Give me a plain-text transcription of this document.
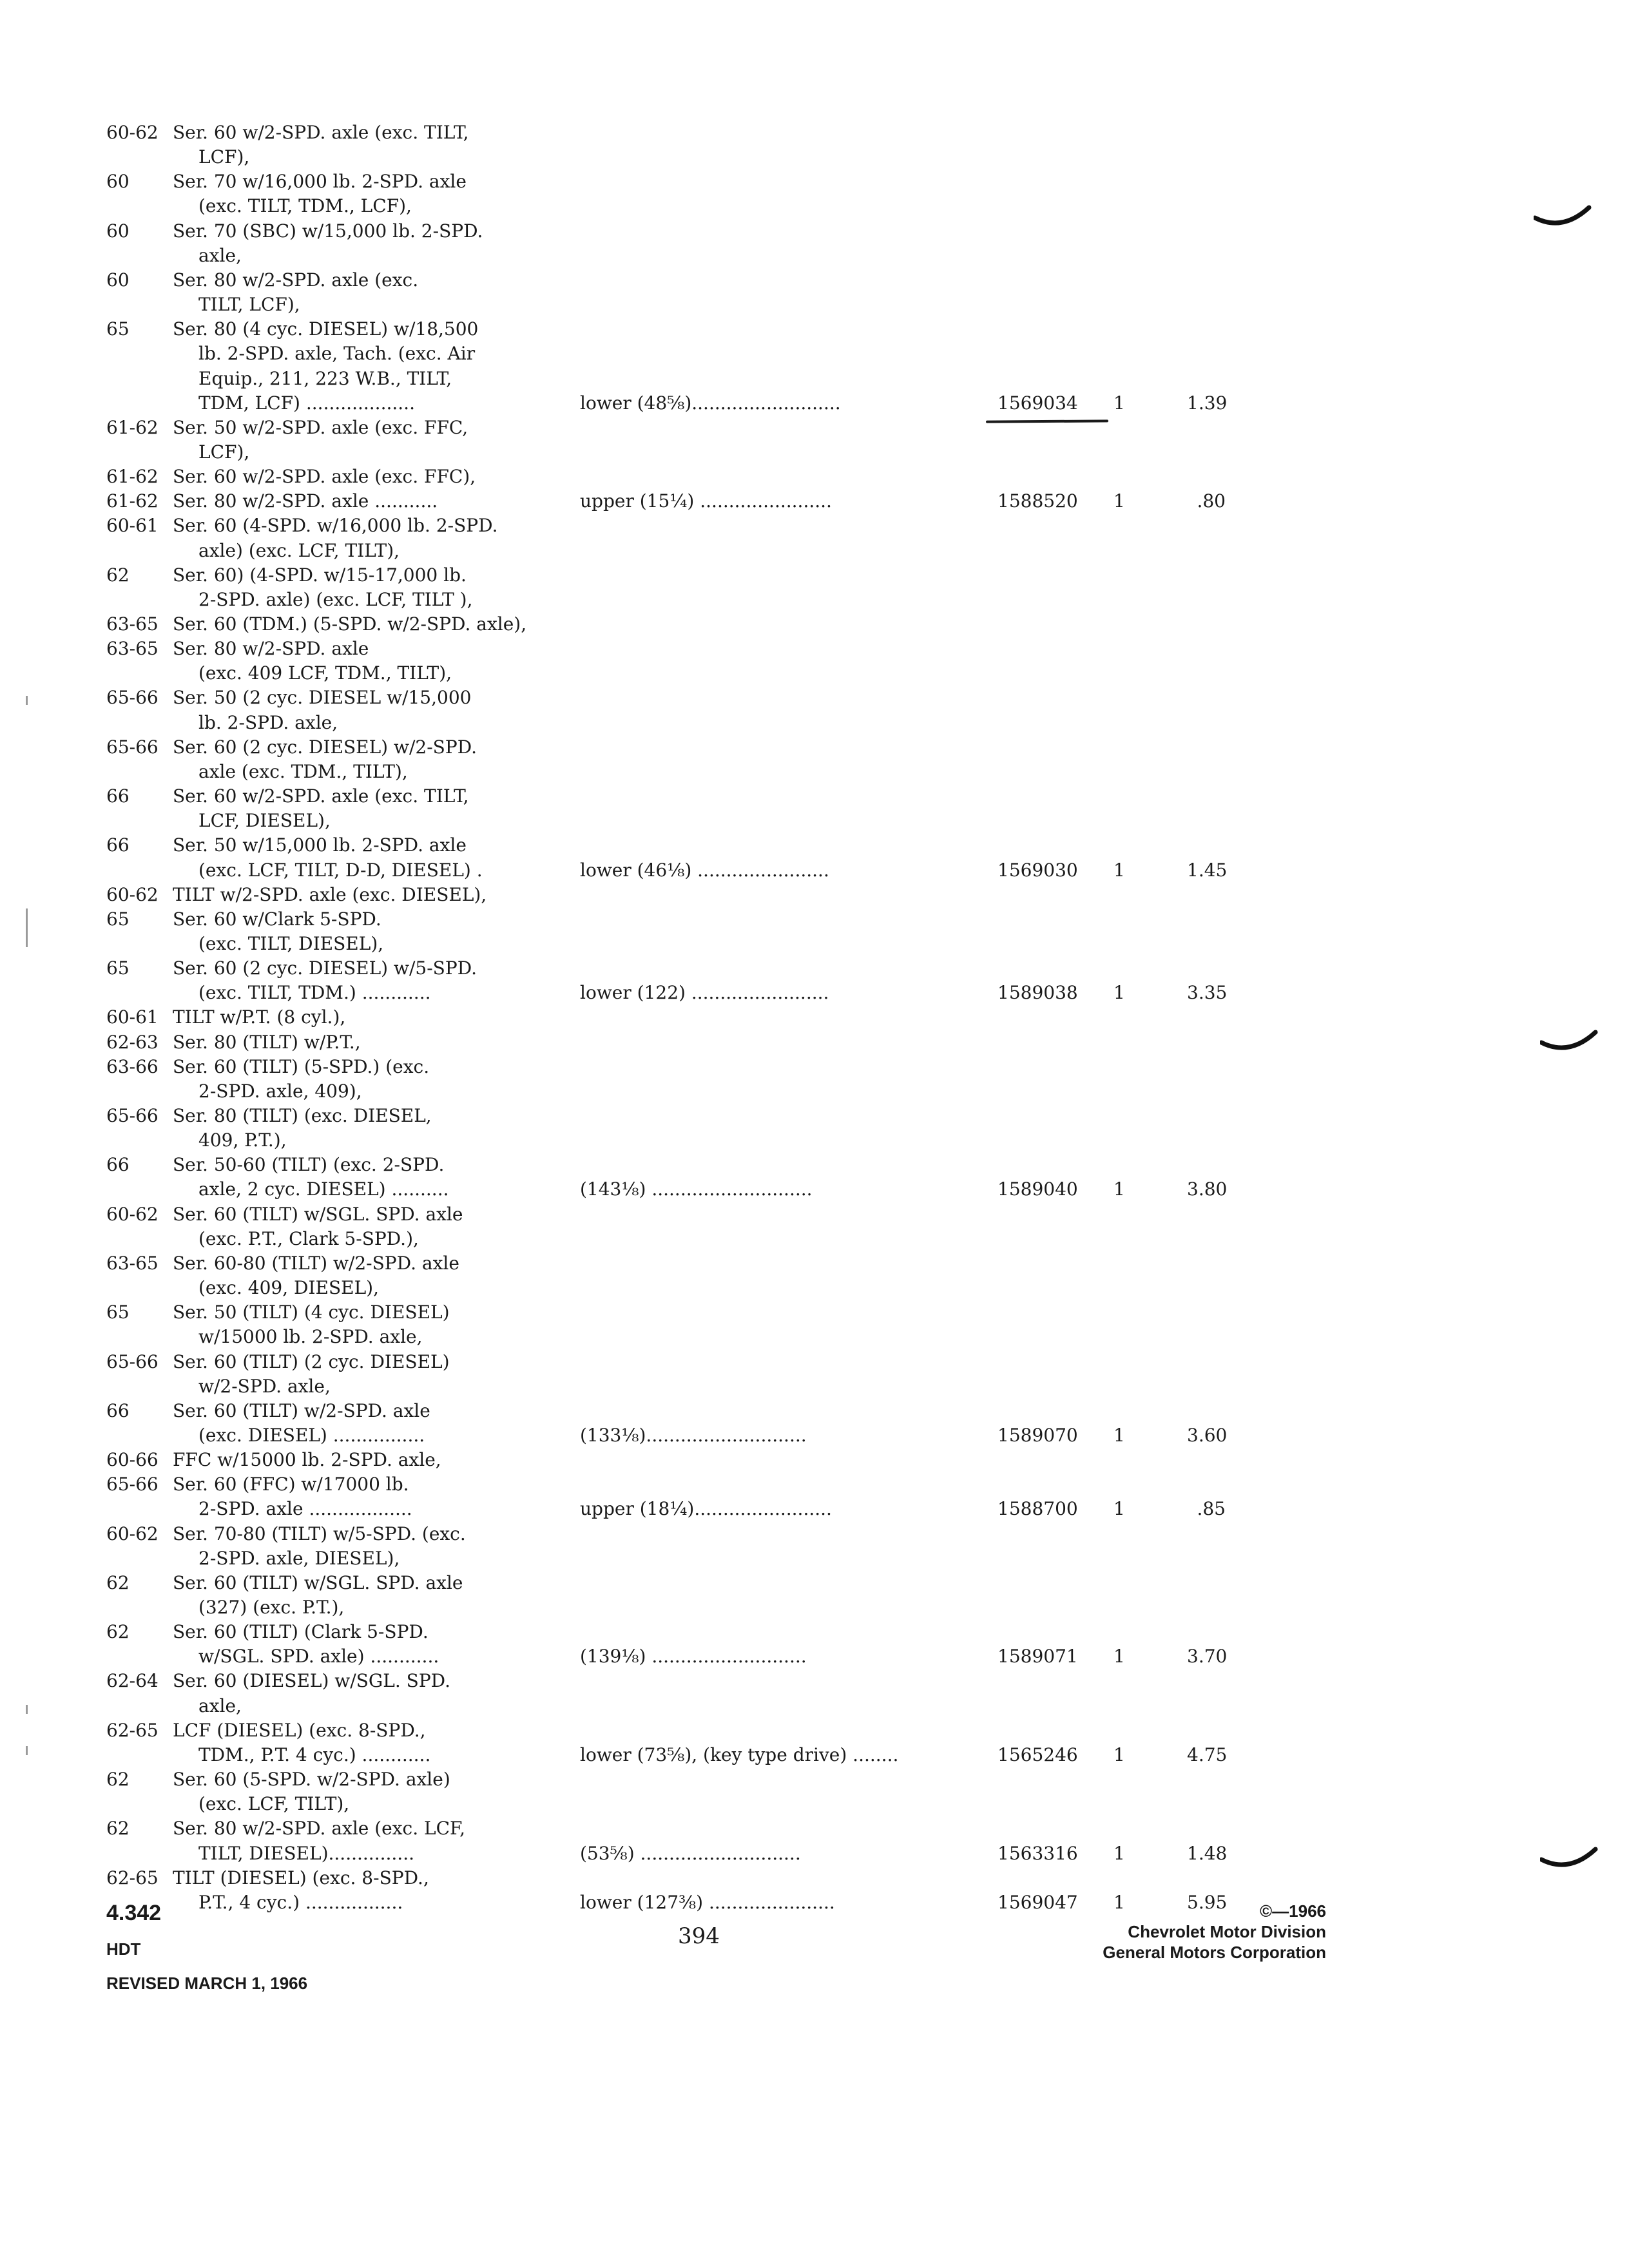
60-62 Ser. 60 w/2-SPD. axle (exc. TILT,
LCF),
60 Ser. 70 w/16,000 lb. 2-SPD. axle
(exc. TILT, TDM., LCF),
60 Ser. 70 (SBC) w/15,000 lb. 2-SPD.
axle,
60 Ser. 80 w/2-SPD. axle (exc.
TILT, LCF),
65 Ser. 80 (4 cyc. DIESEL) w/18,500
lb. 2-SPD. axle, Tach. (exc. Air
Equip., 211, 223 W.B., TILT,
TDM, LCF) ...................	lower (48⅝)..........................	1569034 1	1.39
61-62 Ser. 50 w/2-SPD. axle (exc. FFC,
LCF),
61-62 Ser. 60 w/2-SPD. axle (exc. FFC),
61-62 Ser. 80 w/2-SPD. axle ...........	upper (15¼) .......................	1588520 1	.80
60-61 Ser. 60 (4-SPD. w/16,000 lb. 2-SPD.
axle) (exc. LCF, TILT),
62 Ser. 60) (4-SPD. w/15-17,000 lb.
2-SPD. axle) (exc. LCF, TILT ),
63-65 Ser. 60 (TDM.) (5-SPD. w/2-SPD. axle),
63-65 Ser. 80 w/2-SPD. axle
(exc. 409 LCF, TDM., TILT),
65-66 Ser. 50 (2 cyc. DIESEL w/15,000
lb. 2-SPD. axle,
65-66 Ser. 60 (2 cyc. DIESEL) w/2-SPD.
axle (exc. TDM., TILT),
66 Ser. 60 w/2-SPD. axle (exc. TILT,
LCF, DIESEL),
66 Ser. 50 w/15,000 lb. 2-SPD. axle
(exc. LCF, TILT, D-D, DIESEL) .	lower (46⅛) .......................	1569030 1	1.45
60-62 TILT w/2-SPD. axle (exc. DIESEL),
65 Ser. 60 w/Clark 5-SPD.
(exc. TILT, DIESEL),
65 Ser. 60 (2 cyc. DIESEL) w/5-SPD.
(exc. TILT, TDM.) ............	lower (122) ........................	1589038 1	3.35
60-61 TILT w/P.T. (8 cyl.),
62-63 Ser. 80 (TILT) w/P.T.,
63-66 Ser. 60 (TILT) (5-SPD.) (exc.
2-SPD. axle, 409),
65-66 Ser. 80 (TILT) (exc. DIESEL,
409, P.T.),
66 Ser. 50-60 (TILT) (exc. 2-SPD.
axle, 2 cyc. DIESEL) ..........	(143⅛) ............................	1589040 1	3.80
60-62 Ser. 60 (TILT) w/SGL. SPD. axle
(exc. P.T., Clark 5-SPD.),
63-65 Ser. 60-80 (TILT) w/2-SPD. axle
(exc. 409, DIESEL),
65 Ser. 50 (TILT) (4 cyc. DIESEL)
w/15000 lb. 2-SPD. axle,
65-66 Ser. 60 (TILT) (2 cyc. DIESEL)
w/2-SPD. axle,
66 Ser. 60 (TILT) w/2-SPD. axle
(exc. DIESEL) ................	(133⅛)............................	1589070 1	3.60
60-66 FFC w/15000 lb. 2-SPD. axle,
65-66 Ser. 60 (FFC) w/17000 lb.
2-SPD. axle ..................	upper (18¼)........................	1588700 1	.85
60-62 Ser. 70-80 (TILT) w/5-SPD. (exc.
2-SPD. axle, DIESEL),
62 Ser. 60 (TILT) w/SGL. SPD. axle
(327) (exc. P.T.),
62 Ser. 60 (TILT) (Clark 5-SPD.
w/SGL. SPD. axle) ............	(139⅛) ...........................	1589071 1	3.70
62-64 Ser. 60 (DIESEL) w/SGL. SPD.
axle,
62-65 LCF (DIESEL) (exc. 8-SPD.,
TDM., P.T. 4 cyc.) ............	lower (73⅝), (key type drive) ........	1565246 1	4.75
62 Ser. 60 (5-SPD. w/2-SPD. axle)
(exc. LCF, TILT),
62 Ser. 80 w/2-SPD. axle (exc. LCF,
TILT, DIESEL)...............	(53⅝) ............................	1563316 1	1.48
62-65 TILT (DIESEL) (exc. 8-SPD.,
P.T., 4 cyc.) .................	lower (127⅜) ......................	1569047 1	5.95
4.342
HDT
REVISED MARCH 1, 1966
394
©—1966
Chevrolet Motor Division
General Motors Corporation
